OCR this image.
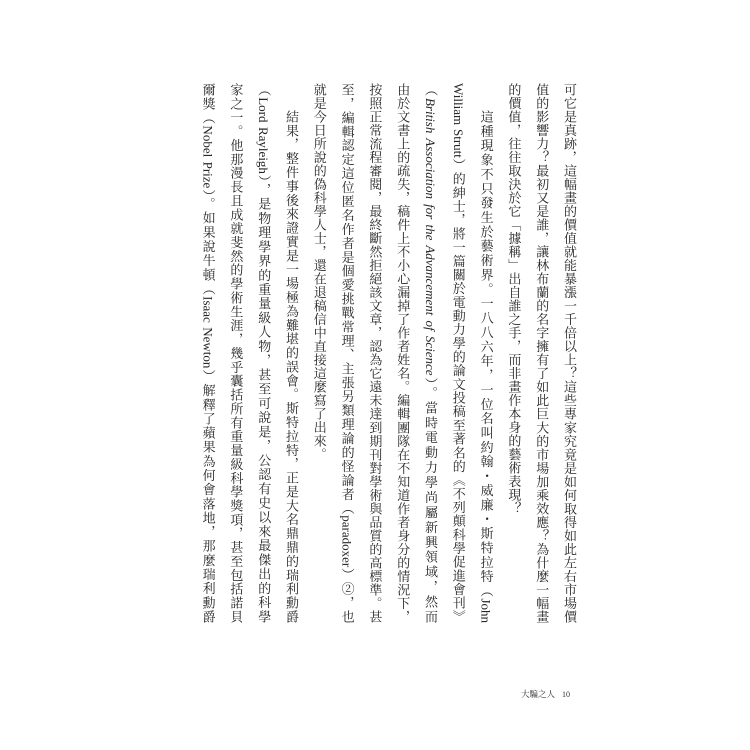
可它是真跡，這幅畫的價值就能暴漲一千倍以上？這些專家究竟是如何取得如此左右市場價
值的影響力？最初又是誰，讓林布蘭的名字擁有了如此巨大的市場加乘效應？為什麼一幅畫
的價值，往往取決於它「據稱」出自誰之手，而非畫作本身的藝術表現？
這種現象不只發生於藝術界。一八八六年，一位名叫約翰・威廉・斯特拉特（John
William Strutt）的紳士，將一篇關於電動力學的論文投稿至著名的《不列顛科學促進會刊》
（British Association for the Advancement of Science）。當時電動力學尚屬新興領域，然而
由於文書上的疏失，稿件上不小心漏掉了作者姓名。編輯團隊在不知道作者身分的情況下，
按照正常流程審閱，最終斷然拒絕該文章，認為它遠未達到期刊對學術與品質的高標準。甚
至，編輯認定這位匿名作者是個愛挑戰常理、主張另類理論的怪論者（paradoxer）②，也
就是今日所說的偽科學人士，還在退稿信中直接這麼寫了出來。
結果，整件事後來證實是一場極為難堪的誤會。斯特拉特，正是大名鼎鼎的瑞利勳爵
（Lord Rayleigh），是物理學界的重量級人物，甚至可說是，公認有史以來最傑出的科學
家之一。他那漫長且成就斐然的學術生涯，幾乎囊括所有重量級科學獎項，甚至包括諾貝
爾獎（Nobel Prize）。如果說牛頓（Isaac Newton）解釋了蘋果為何會落地，那麼瑞利勳爵
大騙之人 10
